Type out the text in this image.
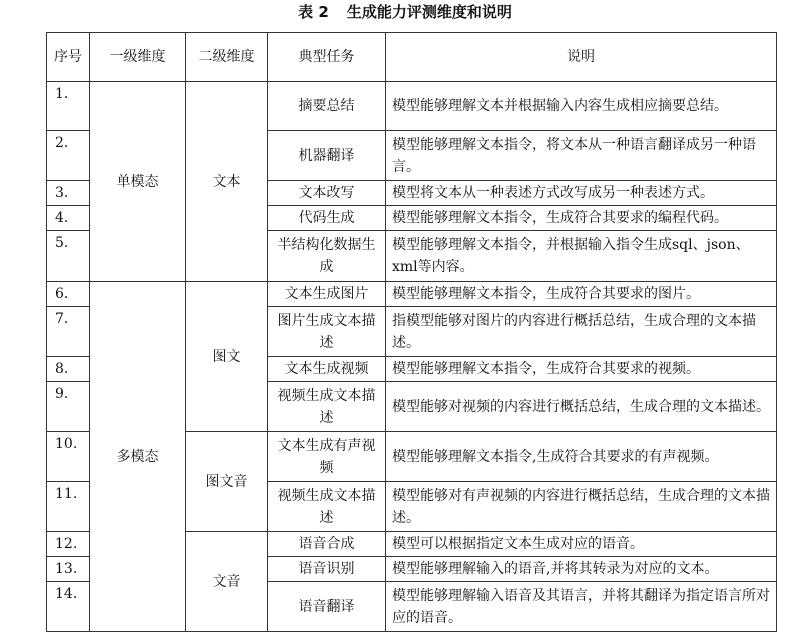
表 2 生成能力评测维度和说明
序号	一级维度	二级维度	典型任务	说明
1.	单模态	文本	摘要总结	模型能够理解文本并根据输入内容生成相应摘要总结。
2.			机器翻译	模型能够理解文本指令，将文本从一种语言翻译成另一种语言。
3.			文本改写	模型将文本从一种表述方式改写成另一种表述方式。
4.			代码生成	模型能够理解文本指令，生成符合其要求的编程代码。
5.			半结构化数据生成	模型能够理解文本指令，并根据输入指令生成sql、json、xml等内容。
6.	多模态	图文	文本生成图片	模型能够理解文本指令，生成符合其要求的图片。
7.			图片生成文本描述	指模型能够对图片的内容进行概括总结，生成合理的文本描述。
8.			文本生成视频	模型能够理解文本指令，生成符合其要求的视频。
9.			视频生成文本描述	模型能够对视频的内容进行概括总结，生成合理的文本描述。
10.		图文音	文本生成有声视频	模型能够理解文本指令,生成符合其要求的有声视频。
11.			视频生成文本描述	模型能够对有声视频的内容进行概括总结，生成合理的文本描述。
12.		文音	语音合成	模型可以根据指定文本生成对应的语音。
13.			语音识别	模型能够理解输入的语音,并将其转录为对应的文本。
14.			语音翻译	模型能够理解输入语音及其语言，并将其翻译为指定语言所对应的语音。
